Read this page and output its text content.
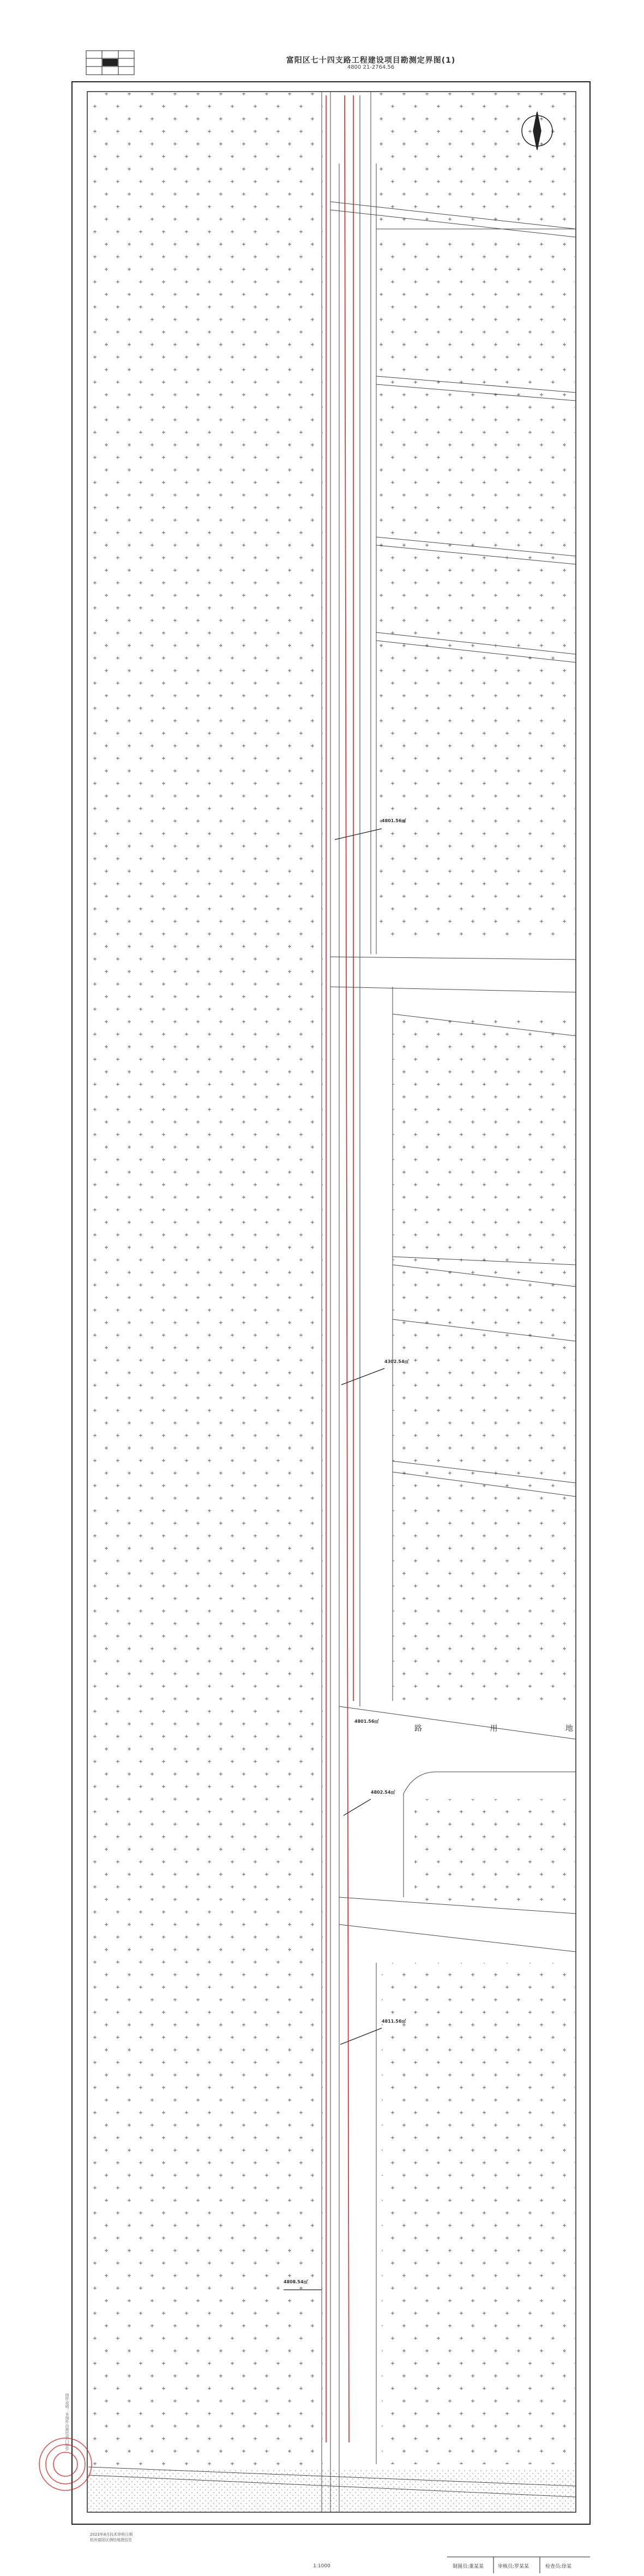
富阳区七十四支路工程建设项目勘测定界图(1)
4800 21-2764.56
4801.56㎡
4302.54㎡
4801.56㎡
4802.54㎡
4811.56㎡
4808.54㎡
路 用 地
图件说明：本图件由测绘部门制作
2023年8月技术审核日期
杭州富阳区测绘地理信息
制图员:董某某	审核员:罗某某	检查员:徐某
1:1000
